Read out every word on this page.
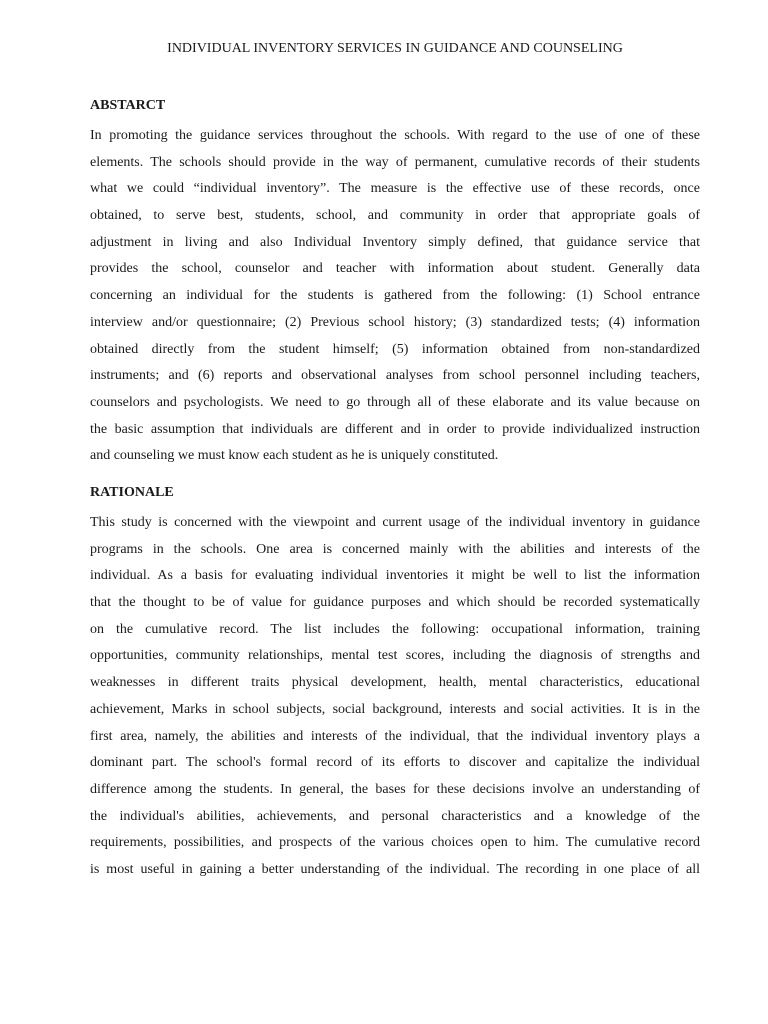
INDIVIDUAL INVENTORY SERVICES IN GUIDANCE AND COUNSELING
ABSTARCT
In promoting the guidance services throughout the schools. With regard to the use of one of these
elements. The schools should provide in the way of permanent, cumulative records of their students
what we could “individual inventory”. The measure is the effective use of these records, once
obtained, to serve best, students, school, and community in order that appropriate goals of
adjustment in living and also Individual Inventory simply defined, that guidance service that
provides the school, counselor and teacher with information about student. Generally data
concerning an individual for the students is gathered from the following: (1) School entrance
interview and/or questionnaire; (2) Previous school history; (3) standardized tests; (4) information
obtained directly from the student himself; (5) information obtained from non-standardized
instruments; and (6) reports and observational analyses from school personnel including teachers,
counselors and psychologists. We need to go through all of these elaborate and its value because on
the basic assumption that individuals are different and in order to provide individualized instruction
and counseling we must know each student as he is uniquely constituted.
RATIONALE
This study is concerned with the viewpoint and current usage of the individual inventory in guidance
programs in the schools. One area is concerned mainly with the abilities and interests of the
individual. As a basis for evaluating individual inventories it might be well to list the information
that the thought to be of value for guidance purposes and which should be recorded systematically
on the cumulative record. The list includes the following: occupational information, training
opportunities, community relationships, mental test scores, including the diagnosis of strengths and
weaknesses in different traits physical development, health, mental characteristics, educational
achievement, Marks in school subjects, social background, interests and social activities. It is in the
first area, namely, the abilities and interests of the individual, that the individual inventory plays a
dominant part. The school's formal record of its efforts to discover and capitalize the individual
difference among the students. In general, the bases for these decisions involve an understanding of
the individual's abilities, achievements, and personal characteristics and a knowledge of the
requirements, possibilities, and prospects of the various choices open to him. The cumulative record
is most useful in gaining a better understanding of the individual. The recording in one place of all
